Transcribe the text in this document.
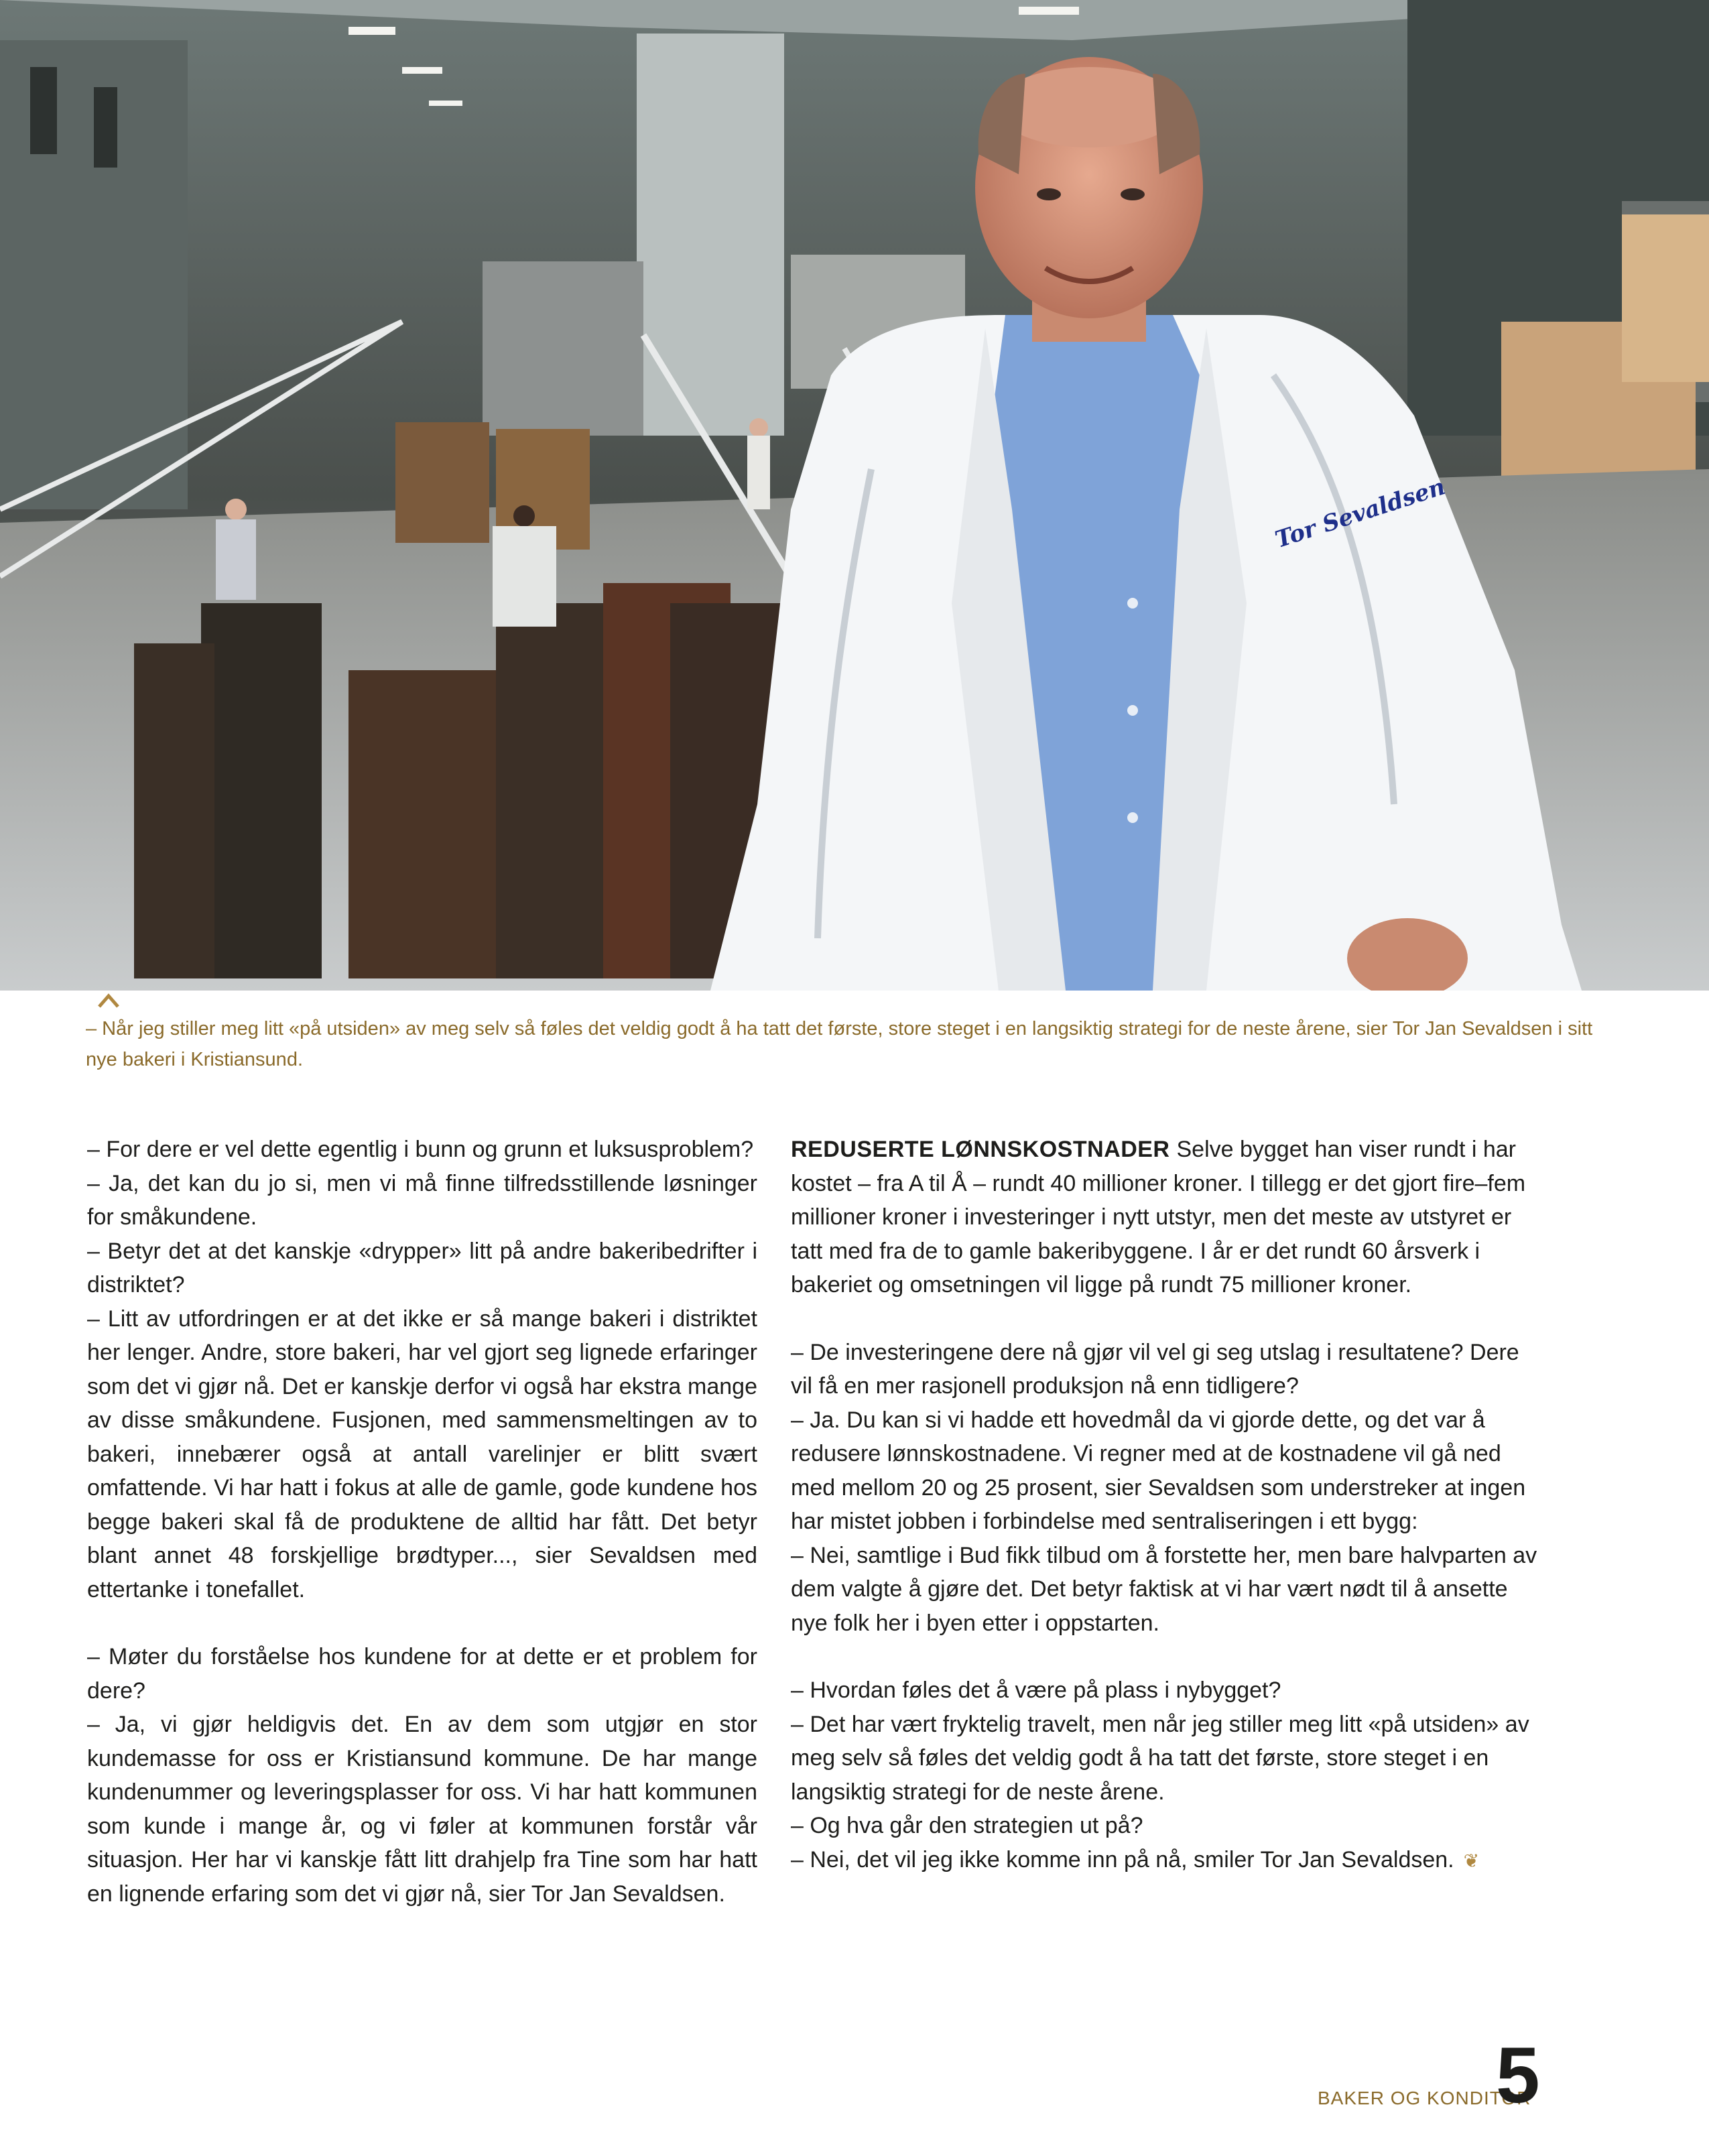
Tor Sevaldsen
– Når jeg stiller meg litt «på utsiden» av meg selv så føles det veldig godt å ha tatt det første, store steget i en langsiktig strategi for de neste årene, sier Tor Jan Sevaldsen i sitt nye bakeri i Kristiansund.

– For dere er vel dette egentlig i bunn og grunn et luksusproblem?

– Ja, det kan du jo si, men vi må finne tilfredsstillende løsninger for småkundene.

– Betyr det at det kanskje «drypper» litt på andre bakeribedrifter i distriktet?

– Litt av utfordringen er at det ikke er så mange bakeri i distriktet her lenger. Andre, store bakeri, har vel gjort seg lignede erfaringer som det vi gjør nå. Det er kanskje derfor vi også har ekstra mange av disse småkundene. Fusjonen, med sammensmeltingen av to bakeri, innebærer også at antall varelinjer er blitt svært omfattende. Vi har hatt i fokus at alle de gamle, gode kundene hos begge bakeri skal få de produktene de alltid har fått. Det betyr blant annet 48 forskjellige brødtyper..., sier Sevaldsen med ettertanke i tonefallet.

– Møter du forståelse hos kundene for at dette er et problem for dere?

– Ja, vi gjør heldigvis det. En av dem som utgjør en stor kundemasse for oss er Kristiansund kommune. De har mange kundenummer og leveringsplasser for oss. Vi har hatt kommunen som kunde i mange år, og vi føler at kommunen forstår vår situasjon. Her har vi kanskje fått litt drahjelp fra Tine som har hatt en lignende erfaring som det vi gjør nå, sier Tor Jan Sevaldsen.

REDUSERTE LØNNSKOSTNADER Selve bygget han viser rundt i har kostet – fra A til Å – rundt 40 millioner kroner. I tillegg er det gjort fire–fem millioner kroner i investeringer i nytt utstyr, men det meste av utstyret er tatt med fra de to gamle bakeribyggene. I år er det rundt 60 årsverk i bakeriet og omsetningen vil ligge på rundt 75 millioner kroner.

– De investeringene dere nå gjør vil vel gi seg utslag i resultatene? Dere vil få en mer rasjonell produksjon nå enn tidligere?

– Ja. Du kan si vi hadde ett hovedmål da vi gjorde dette, og det var å redusere lønnskostnadene. Vi regner med at de kostnadene vil gå ned med mellom 20 og 25 prosent, sier Sevaldsen som understreker at ingen har mistet jobben i forbindelse med sentraliseringen i ett bygg:

– Nei, samtlige i Bud fikk tilbud om å forstette her, men bare halvparten av dem valgte å gjøre det. Det betyr faktisk at vi har vært nødt til å ansette nye folk her i byen etter i oppstarten.

– Hvordan føles det å være på plass i nybygget?

– Det har vært fryktelig travelt, men når jeg stiller meg litt «på utsiden» av meg selv så føles det veldig godt å ha tatt det første, store steget i en langsiktig strategi for de neste årene.

– Og hva går den strategien ut på?

– Nei, det vil jeg ikke komme inn på nå, smiler Tor Jan Sevaldsen. ❦

BAKER OG KONDITOR
5
